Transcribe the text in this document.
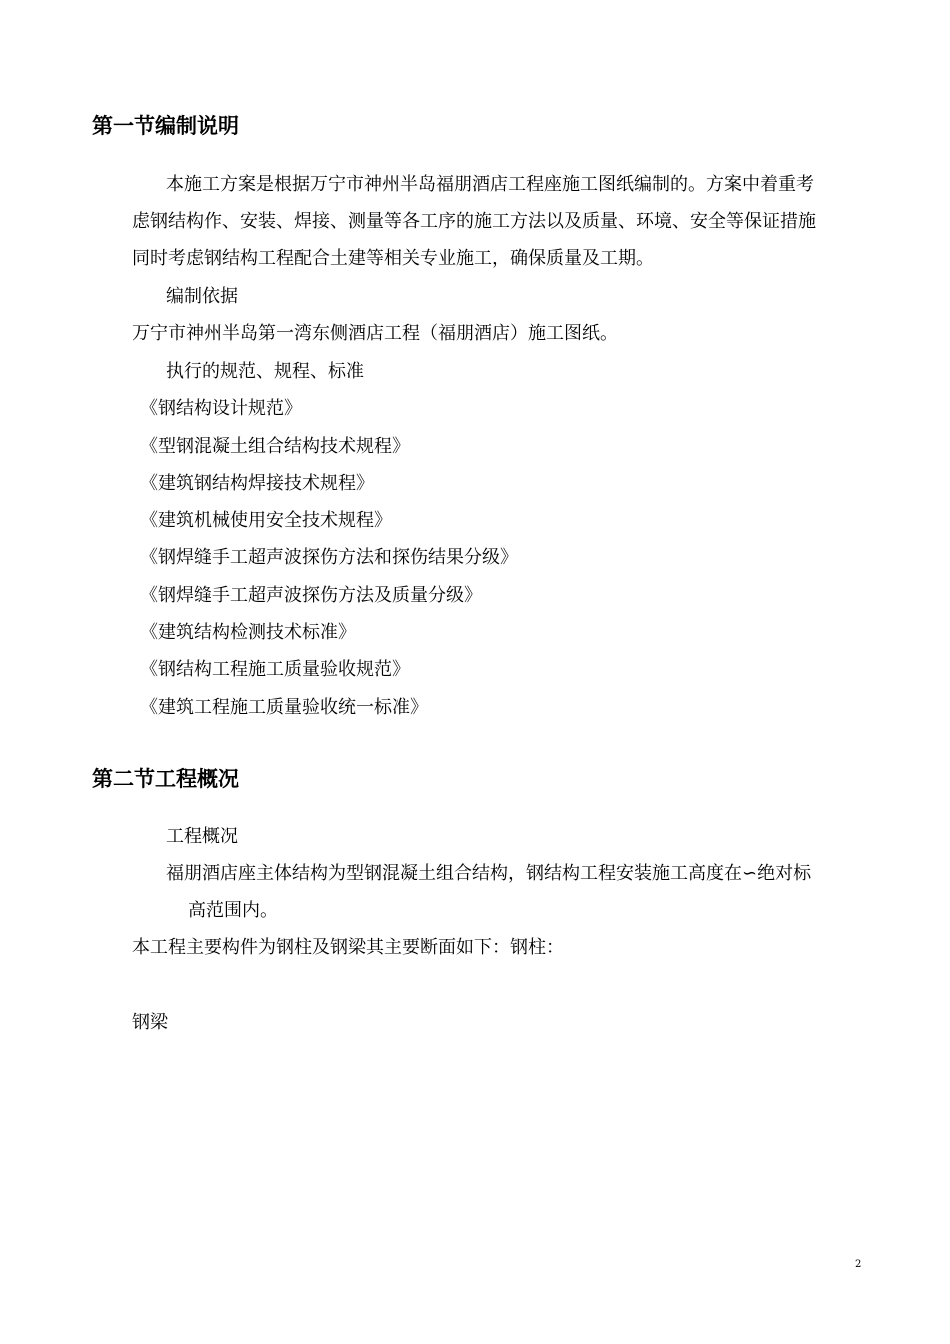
第一节编制说明

本施工方案是根据万宁市神州半岛福朋酒店工程座施工图纸编制的。方案中着重考

虑钢结构作、安装、焊接、测量等各工序的施工方法以及质量、环境、安全等保证措施

同时考虑钢结构工程配合土建等相关专业施工，确保质量及工期。

编制依据

万宁市神州半岛第一湾东侧酒店工程（福朋酒店）施工图纸。

执行的规范、规程、标准

《钢结构设计规范》

《型钢混凝土组合结构技术规程》

《建筑钢结构焊接技术规程》

《建筑机械使用安全技术规程》

《钢焊缝手工超声波探伤方法和探伤结果分级》

《钢焊缝手工超声波探伤方法及质量分级》

《建筑结构检测技术标准》

《钢结构工程施工质量验收规范》

《建筑工程施工质量验收统一标准》

第二节工程概况

工程概况

福朋酒店座主体结构为型钢混凝土组合结构，钢结构工程安装施工高度在∽绝对标

高范围内。

本工程主要构件为钢柱及钢梁其主要断面如下：钢柱：

钢梁

2
